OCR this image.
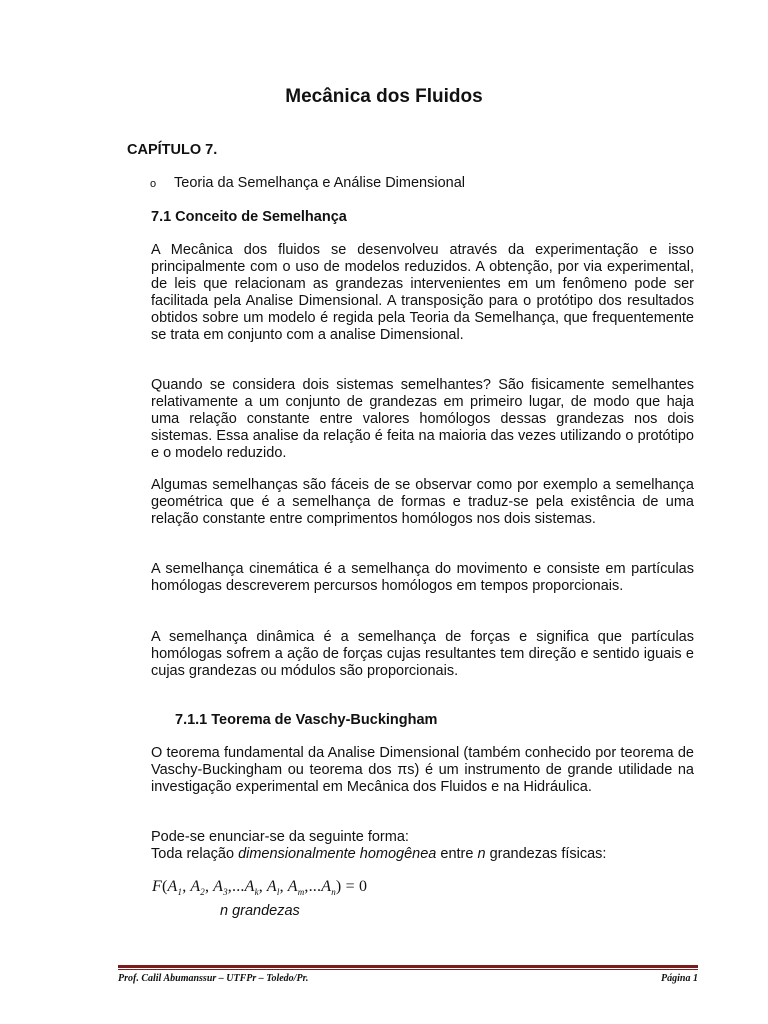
Mecânica dos Fluidos
CAPÍTULO 7.
o	Teoria da Semelhança e Análise Dimensional
7.1 Conceito de Semelhança

A Mecânica dos fluidos se desenvolveu através da experimentação e isso principalmente com o uso de modelos reduzidos. A obtenção, por via experimental, de leis que relacionam as grandezas intervenientes em um fenômeno pode ser facilitada pela Analise Dimensional. A transposição para o protótipo dos resultados obtidos sobre um modelo é regida pela Teoria da Semelhança, que frequentemente se trata em conjunto com a analise Dimensional.

Quando se considera dois sistemas semelhantes? São fisicamente semelhantes relativamente a um conjunto de grandezas em primeiro lugar, de modo que haja uma relação constante entre valores homólogos dessas grandezas nos dois sistemas. Essa analise da relação é feita na maioria das vezes utilizando o protótipo e o modelo reduzido.

Algumas semelhanças são fáceis de se observar como por exemplo a semelhança geométrica que é a semelhança de formas e traduz-se pela existência de uma relação constante entre comprimentos homólogos nos dois sistemas.

A semelhança cinemática é a semelhança do movimento e consiste em partículas homólogas descreverem percursos homólogos em tempos proporcionais.

A semelhança dinâmica é a semelhança de forças e significa que partículas homólogas sofrem a ação de forças cujas resultantes tem direção e sentido iguais e cujas grandezas ou módulos são proporcionais.

7.1.1 Teorema de Vaschy-Buckingham

O teorema fundamental da Analise Dimensional (também conhecido por teorema de Vaschy-Buckingham ou teorema dos πs) é um instrumento de grande utilidade na investigação experimental em Mecânica dos Fluidos e na Hidráulica.

Pode-se enunciar-se da seguinte forma:

Toda relação dimensionalmente homogênea entre n grandezas físicas:

$F(A_1$, $A_2$, $A_3,...A_k$, $A_l$, $A_m,...A_n) = 0$
n grandezas
Prof. Calil Abumanssur – UTFPr – Toledo/Pr.	Página 1
